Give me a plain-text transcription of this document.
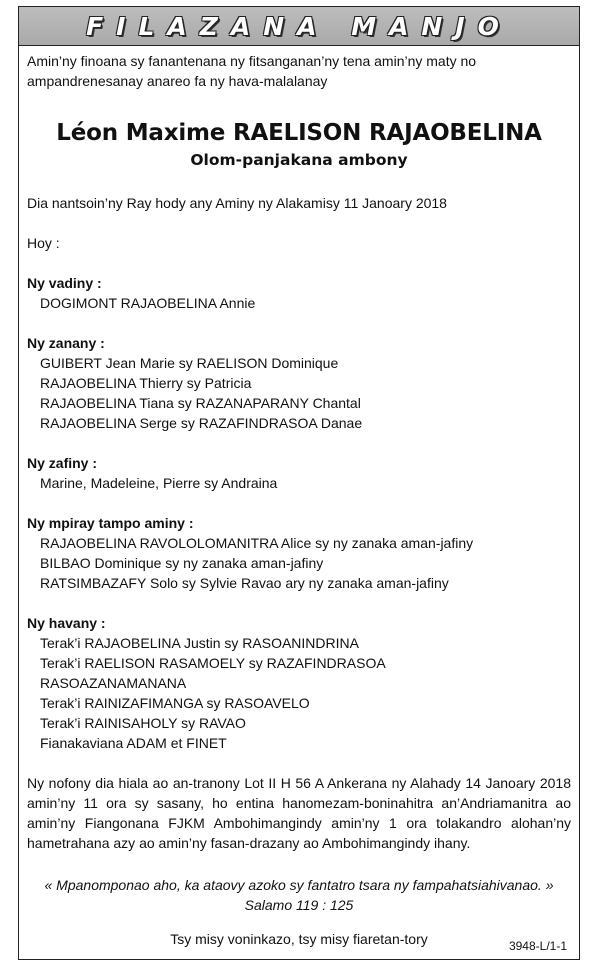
FILAZANA MANJO

Amin’ny finoana sy fanantenana ny fitsanganan’ny tena amin’ny maty no ampandrenesanay anareo fa ny hava-malalanay

Léon Maxime RAELISON RAJAOBELINA
Olom-panjakana ambony

Dia nantsoin’ny Ray hody any Aminy ny Alakamisy 11 Janoary 2018

Hoy :

Ny vadiny :
DOGIMONT RAJAOBELINA Annie
Ny zanany :
GUIBERT Jean Marie sy RAELISON Dominique
RAJAOBELINA Thierry sy Patricia
RAJAOBELINA Tiana sy RAZANAPARANY Chantal
RAJAOBELINA Serge sy RAZAFINDRASOA Danae
Ny zafiny :
Marine, Madeleine, Pierre sy Andraina
Ny mpiray tampo aminy :
RAJAOBELINA RAVOLOLOMANITRA Alice sy ny zanaka aman-jafiny
BILBAO Dominique sy ny zanaka aman-jafiny
RATSIMBAZAFY Solo sy Sylvie Ravao ary ny zanaka aman-jafiny
Ny havany :
Terak’i RAJAOBELINA Justin sy RASOANINDRINA
Terak’i RAELISON RASAMOELY sy RAZAFINDRASOA
RASOAZANAMANANA
Terak’i RAINIZAFIMANGA sy RASOAVELO
Terak’i RAINISAHOLY sy RAVAO
Fianakaviana ADAM et FINET

Ny nofony dia hiala ao an-tranony Lot II H 56 A Ankerana ny Alahady 14 Janoary 2018 amin’ny 11 ora sy sasany, ho entina hanomezam-boninahitra an’Andriamanitra ao amin’ny Fiangonana FJKM Ambohimangindy amin’ny 1 ora tolakandro alohan’ny hametrahana azy ao amin’ny fasan-drazany ao Ambohimangindy ihany.

« Mpanomponao aho, ka ataovy azoko sy fantatro tsara ny fampahatsiahivanao. »
Salamo 119 : 125
Tsy misy voninkazo, tsy misy fiaretan-tory	3948-L/1-1
